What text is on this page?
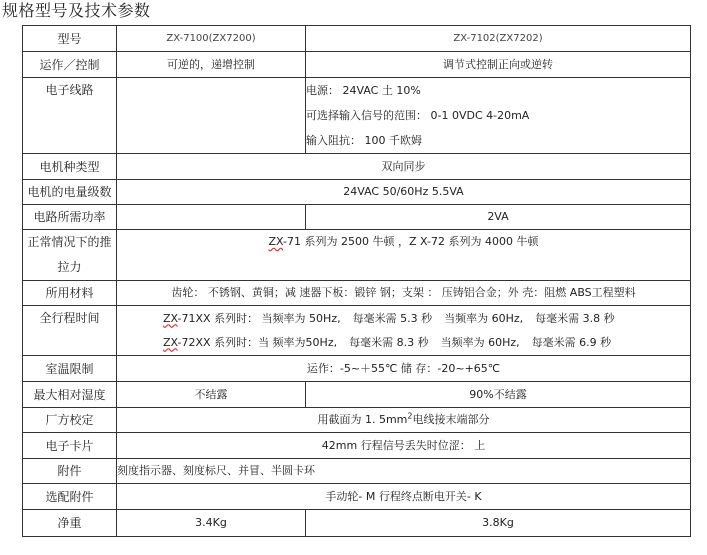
规格型号及技术参数
型号	ZX-7100(ZX7200)	ZX-7102(ZX7202)
运作／控制	可逆的，递增控制	调节式控制正向或逆转
电子线路		电源： 24VAC 土 10%
可选择输入信号的范围： 0-1 0VDC 4-20mA
输入阻抗： 100 千欧姆

电机种类型	双向同步	
电机的电量级数	24VAC 50/60Hz 5.5VA	
电路所需功率		2VA

正常情况下的推
拉力	ZX-71 系列为 2500 牛顿 ，Z X-72 系列为 4000 牛顿	
所用材料	齿轮： 不锈钢、黄铜；减 速器下板：锻锌 钢；支架 ： 压铸铝合金；外 壳：阻燃 ABS工程塑料	
全行程时间	ZX-71XX 系列时： 当频率为 50Hz, 每毫米需 5.3 秒 当频率为 60Hz, 每毫米需 3.8 秒
ZX-72XX 系列时：当 频率为50Hz, 每毫米需 8.3 秒 当频率为 60Hz, 每毫米需 6.9 秒	

室温限制	运作：-5~＋55℃ 储 存：-20~+65℃	
最大相对湿度	不结露	90%不结露
厂方校定	用截面为 1. $5mm^2$电线接末端部分	
电子卡片	42mm 行程信号丢失时位涩： 上	
附件	刻度指示器、刻度标尺、并冒、半圆卡环	
选配附件	手动轮- M 行程终点断电开关- K	
净重	3.4Kg	3.8Kg
